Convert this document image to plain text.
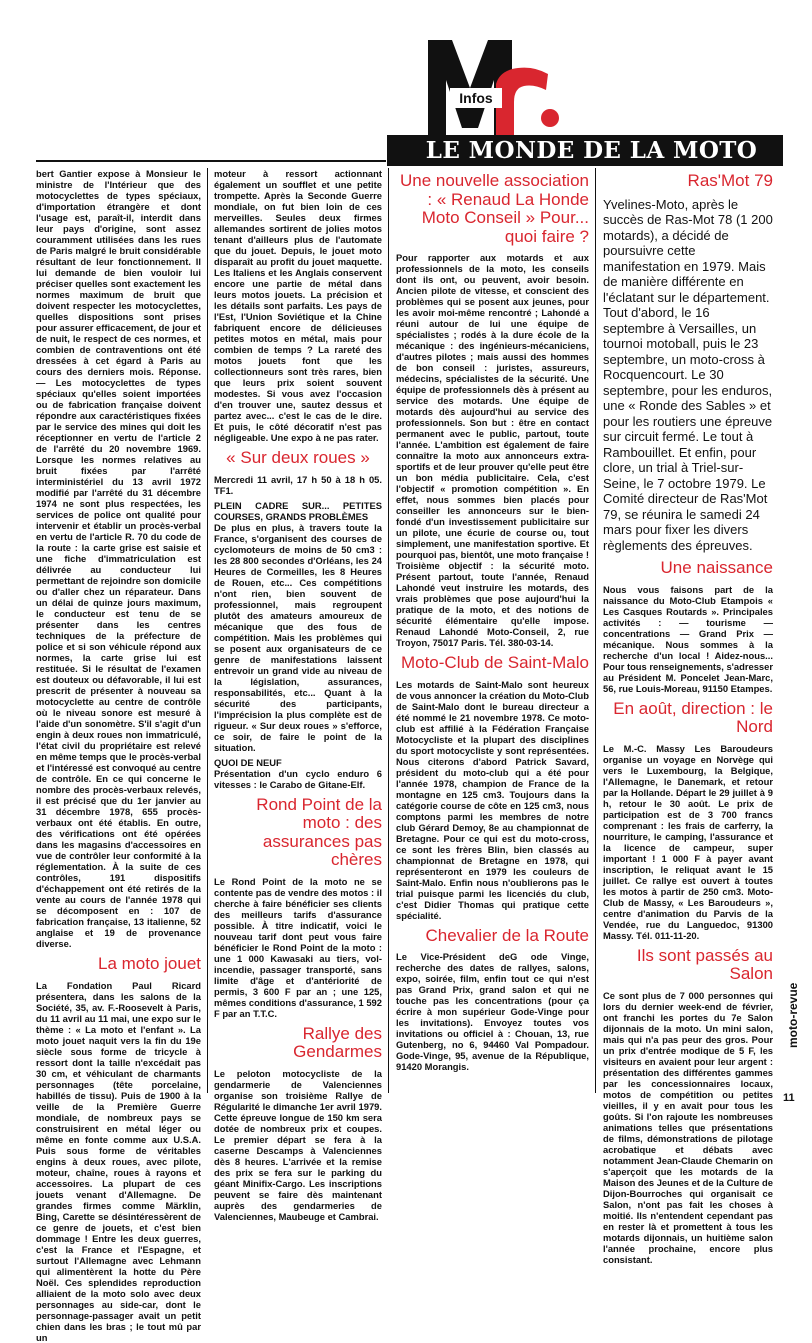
Infos
LE MONDE DE LA MOTO

bert Gantier expose à Monsieur le ministre de l'Intérieur que des motocyclettes de types spéciaux, d'importation étrangère et dont l'usage est, paraît-il, interdit dans leur pays d'origine, sont assez couramment utilisées dans les rues de Paris malgré le bruit considérable résultant de leur fonctionnement. Il lui demande de bien vouloir lui préciser quelles sont exactement les normes maximum de bruit que doivent respecter les motocyclettes, quelles dispositions sont prises pour assurer efficacement, de jour et de nuit, le respect de ces normes, et combien de contraventions ont été dressées à cet égard à Paris au cours des derniers mois. Réponse. — Les motocyclettes de types spéciaux qu'elles soient importées ou de fabrication française doivent répondre aux caractéristiques fixées par le service des mines qui doit les réceptionner en vertu de l'article 2 de l'arrêté du 20 novembre 1969. Lorsque les normes relatives au bruit fixées par l'arrêté interministériel du 13 avril 1972 modifié par l'arrêté du 31 décembre 1974 ne sont plus respectées, les services de police ont qualité pour intervenir et établir un procès-verbal en vertu de l'article R. 70 du code de la route : la carte grise est saisie et une fiche d'immatriculation est délivrée au conducteur lui permettant de rejoindre son domicile ou d'aller chez un réparateur. Dans un délai de quinze jours maximum, le conducteur est tenu de se présenter dans les centres techniques de la préfecture de police et si son véhicule répond aux normes, la carte grise lui est restituée. Si le résultat de l'examen est douteux ou défavorable, il lui est prescrit de présenter à nouveau sa motocyclette au centre de contrôle où le niveau sonore est mesuré à l'aide d'un sonomètre. S'il s'agit d'un engin à deux roues non immatriculé, l'état civil du propriétaire est relevé en même temps que le procès-verbal et l'intéressé est convoqué au centre de contrôle. En ce qui concerne le nombre des procès-verbaux relevés, il est précisé que du 1er janvier au 31 décembre 1978, 655 procès-verbaux ont été établis. En outre, des vérifications ont été opérées dans les magasins d'accessoires en vue de contrôler leur conformité à la réglementation. À la suite de ces contrôles, 191 dispositifs d'échappement ont été retirés de la vente au cours de l'année 1978 qui se décomposent en : 107 de fabrication française, 13 italienne, 52 anglaise et 19 de provenance diverse.

La moto jouet

La Fondation Paul Ricard présentera, dans les salons de la Société, 35, av. F.-Roosevelt à Paris, du 11 avril au 11 mai, une expo sur le thème : « La moto et l'enfant ». La moto jouet naquit vers la fin du 19e siècle sous forme de tricycle à ressort dont la taille n'excédait pas 30 cm, et véhiculant de charmants personnages (tête porcelaine, habillés de tissu). Puis de 1900 à la veille de la Première Guerre mondiale, de nombreux pays se construisirent en métal léger ou même en fonte comme aux U.S.A. Puis sous forme de véritables engins à deux roues, avec pilote, moteur, chaîne, roues à rayons et accessoires. La plupart de ces jouets venant d'Allemagne. De grandes firmes comme Märklin, Bing, Carette se désintéressèrent de ce genre de jouets, et c'est bien dommage ! Entre les deux guerres, c'est la France et l'Espagne, et surtout l'Allemagne avec Lehmann qui alimentèrent la hotte du Père Noël. Ces splendides reproduction alliaient de la moto solo avec deux personnages au side-car, dont le personnage-passager avait un petit chien dans les bras ; le tout mû par un

moteur à ressort actionnant également un soufflet et une petite trompette. Après la Seconde Guerre mondiale, on fut bien loin de ces merveilles. Seules deux firmes allemandes sortirent de jolies motos tenant d'ailleurs plus de l'automate que du jouet. Depuis, le jouet moto disparaît au profit du jouet maquette. Les Italiens et les Anglais conservent encore une partie de métal dans leurs motos jouets. La précision et les détails sont parfaits. Les pays de l'Est, l'Union Soviétique et la Chine fabriquent encore de délicieuses petites motos en métal, mais pour combien de temps ? La rareté des motos jouets font que les collectionneurs sont très rares, bien que leurs prix soient souvent modestes. Si vous avez l'occasion d'en trouver une, sautez dessus et partez avec... c'est le cas de le dire. Et puis, le côté décoratif n'est pas négligeable. Une expo à ne pas rater.

« Sur deux roues »

Mercredi 11 avril, 17 h 50 à 18 h 05. TF1.

PLEIN CADRE SUR... PETITES COURSES, GRANDS PROBLÈMES

De plus en plus, à travers toute la France, s'organisent des courses de cyclomoteurs de moins de 50 cm3 : les 28 800 secondes d'Orléans, les 24 Heures de Cormeilles, les 8 Heures de Rouen, etc... Ces compétitions n'ont rien, bien souvent de professionnel, mais regroupent plutôt des amateurs amoureux de mécanique que des fous de compétition. Mais les problèmes qui se posent aux organisateurs de ce genre de manifestations laissent entrevoir un grand vide au niveau de la législation, assurances, responsabilités, etc... Quant à la sécurité des participants, l'imprécision la plus complète est de rigueur. « Sur deux roues » s'efforce, ce soir, de faire le point de la situation.

QUOI DE NEUF

Présentation d'un cyclo enduro 6 vitesses : le Carabo de Gitane-Elf.

Rond Point de la moto : des assurances pas chères

Le Rond Point de la moto ne se contente pas de vendre des motos : il cherche à faire bénéficier ses clients des meilleurs tarifs d'assurance possible. À titre indicatif, voici le nouveau tarif dont peut vous faire bénéficier le Rond Point de la moto : une 1 000 Kawasaki au tiers, vol-incendie, passager transporté, sans limite d'âge et d'antériorité de permis, 3 600 F par an ; une 125, mêmes conditions d'assurance, 1 592 F par an T.T.C.

Rallye des Gendarmes

Le peloton motocycliste de la gendarmerie de Valenciennes organise son troisième Rallye de Régularité le dimanche 1er avril 1979. Cette épreuve longue de 150 km sera dotée de nombreux prix et coupes. Le premier départ se fera à la caserne Descamps à Valenciennes dès 8 heures. L'arrivée et la remise des prix se fera sur le parking du géant Minifix-Cargo. Les inscriptions peuvent se faire dès maintenant auprès des gendarmeries de Valenciennes, Maubeuge et Cambrai.

Une nouvelle association : « Renaud La Honde Moto Conseil » Pour... quoi faire ?

Pour rapporter aux motards et aux professionnels de la moto, les conseils dont ils ont, ou peuvent, avoir besoin. Ancien pilote de vitesse, et conscient des problèmes qui se posent aux jeunes, pour les avoir moi-même rencontré ; Lahondé a réuni autour de lui une équipe de spécialistes ; rodés à la dure école de la mécanique : des ingénieurs-mécaniciens, d'autres pilotes ; mais aussi des hommes de bon conseil : juristes, assureurs, médecins, spécialistes de la sécurité. Une équipe de professionnels dès à présent au service des motards. Une équipe de motards dès aujourd'hui au service des professionnels. Son but : être en contact permanent avec le public, partout, toute l'année. L'ambition est également de faire connaître la moto aux annonceurs extra-sportifs et de leur prouver qu'elle peut être un bon média publicitaire. Cela, c'est l'objectif « promotion compétition ». En effet, nous sommes bien placés pour conseiller les annonceurs sur le bien-fondé d'un investissement publicitaire sur un pilote, une écurie de course ou, tout simplement, une manifestation sportive. Et pourquoi pas, bientôt, une moto française ! Troisième objectif : la sécurité moto. Présent partout, toute l'année, Renaud Lahondé veut instruire les motards, des vrais problèmes que pose aujourd'hui la pratique de la moto, et des notions de sécurité élémentaire qu'elle impose. Renaud Lahondé Moto-Conseil, 2, rue Troyon, 75017 Paris. Tél. 380-03-14.

Moto-Club de Saint-Malo

Les motards de Saint-Malo sont heureux de vous annoncer la création du Moto-Club de Saint-Malo dont le bureau directeur a été nommé le 21 novembre 1978. Ce moto-club est affilié à la Fédération Française Motocycliste et la plupart des disciplines du sport motocycliste y sont représentées. Nous citerons d'abord Patrick Savard, président du moto-club qui a été pour l'année 1978, champion de France de la montagne en 125 cm3. Toujours dans la catégorie course de côte en 125 cm3, nous comptons parmi les membres de notre club Gérard Demoy, 8e au championnat de Bretagne. Pour ce qui est du moto-cross, ce sont les frères Blin, bien classés au championnat de Bretagne en 1978, qui représenteront en 1979 les couleurs de Saint-Malo. Enfin nous n'oublierons pas le trial puisque parmi les licenciés du club, c'est Didier Thomas qui pratique cette spécialité.

Chevalier de la Route

Le Vice-Président deG ode Vinge, recherche des dates de rallyes, salons, expo, soirée, film, enfin tout ce qui n'est pas Grand Prix, grand salon et qui ne touche pas les concentrations (pour ça écrire à mon supérieur Gode-Vinge pour les invitations). Envoyez toutes vos invitations ou officiel à : Chouan, 13, rue Gutenberg, no 6, 94460 Val Pompadour. Gode-Vinge, 95, avenue de la République, 91420 Morangis.

Ras'Mot 79

Yvelines-Moto, après le succès de Ras-Mot 78 (1 200 motards), a décidé de poursuivre cette manifestation en 1979. Mais de manière différente en l'éclatant sur le département. Tout d'abord, le 16 septembre à Versailles, un tournoi motoball, puis le 23 septembre, un moto-cross à Rocquencourt. Le 30 septembre, pour les enduros, une « Ronde des Sables » et pour les routiers une épreuve sur circuit fermé. Le tout à Rambouillet. Et enfin, pour clore, un trial à Triel-sur-Seine, le 7 octobre 1979. Le Comité directeur de Ras'Mot 79, se réunira le samedi 24 mars pour fixer les divers règlements des épreuves.

Une naissance

Nous vous faisons part de la naissance du Moto-Club Etampois « Les Casques Routards ». Principales activités : — tourisme — concentrations — Grand Prix — mécanique. Nous sommes à la recherche d'un local ! Aidez-nous... Pour tous renseignements, s'adresser au Président M. Poncelet Jean-Marc, 56, rue Louis-Moreau, 91150 Etampes.

En août, direction : le Nord

Le M.-C. Massy Les Baroudeurs organise un voyage en Norvège qui vers le Luxembourg, la Belgique, l'Allemagne, le Danemark, et retour par la Hollande. Départ le 29 juillet à 9 h, retour le 30 août. Le prix de participation est de 3 700 francs comprenant : les frais de carferry, la nourriture, le camping, l'assurance et la licence de campeur, super important ! 1 000 F à payer avant inscription, le reliquat avant le 15 juillet. Ce rallye est ouvert à toutes les motos à partir de 250 cm3. Moto-Club de Massy, « Les Baroudeurs », centre d'animation du Parvis de la Vendée, rue du Languedoc, 91300 Massy. Tél. 011-11-20.

Ils sont passés au Salon

Ce sont plus de 7 000 personnes qui lors du dernier week-end de février, ont franchi les portes du 7e Salon dijonnais de la moto. Un mini salon, mais qui n'a pas peur des gros. Pour un prix d'entrée modique de 5 F, les visiteurs en avaient pour leur argent : présentation des différentes gammes par les concessionnaires locaux, motos de compétition ou petites vieilles, il y en avait pour tous les goûts. Si l'on rajoute les nombreuses animations telles que présentations de films, démonstrations de pilotage acrobatique et débats avec notamment Jean-Claude Chemarin on s'aperçoit que les motards de la Maison des Jeunes et de la Culture de Dijon-Bourroches qui organisait ce Salon, n'ont pas fait les choses à moitié. Ils n'entendent cependant pas en rester là et promettent à tous les motards dijonnais, un huitième salon l'année prochaine, encore plus consistant.

moto-revue
11
